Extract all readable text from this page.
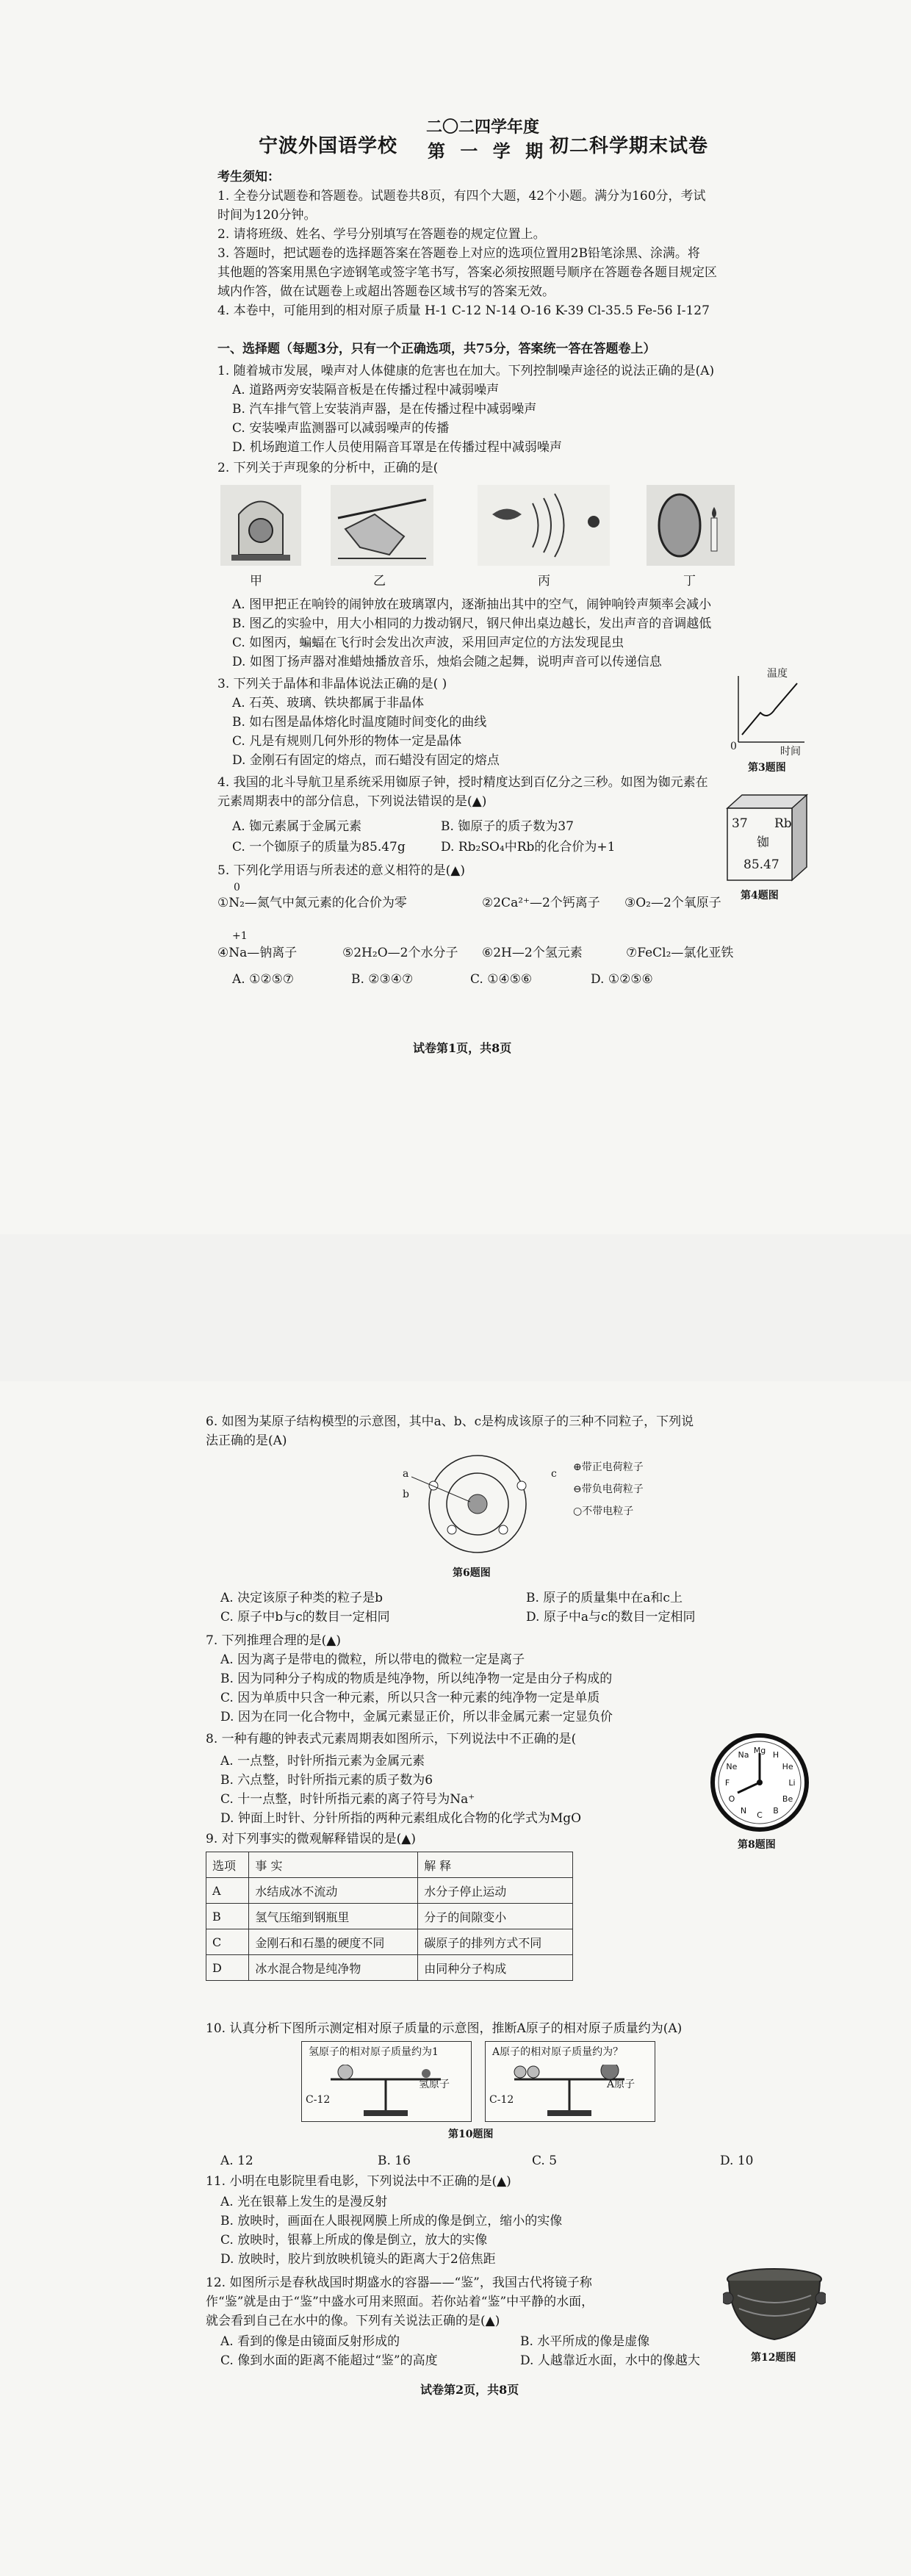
宁波外国语学校
二〇二四学年度
第 一 学 期 初二科学期末试卷
考生须知：
1. 全卷分试题卷和答题卷。试题卷共8页，有四个大题，42个小题。满分为160分，考试
时间为120分钟。
2. 请将班级、姓名、学号分别填写在答题卷的规定位置上。
3. 答题时，把试题卷的选择题答案在答题卷上对应的选项位置用2B铅笔涂黑、涂满。将
其他题的答案用黑色字迹钢笔或签字笔书写，答案必须按照题号顺序在答题卷各题目规定区
域内作答，做在试题卷上或超出答题卷区域书写的答案无效。
4. 本卷中，可能用到的相对原子质量 H-1 C-12 N-14 O-16 K-39 Cl-35.5 Fe-56 I-127
一、选择题（每题3分，只有一个正确选项，共75分，答案统一答在答题卷上）
1. 随着城市发展，噪声对人体健康的危害也在加大。下列控制噪声途径的说法正确的是(A)
A. 道路两旁安装隔音板是在传播过程中减弱噪声
B. 汽车排气管上安装消声器，是在传播过程中减弱噪声
C. 安装噪声监测器可以减弱噪声的传播
D. 机场跑道工作人员使用隔音耳罩是在传播过程中减弱噪声
2. 下列关于声现象的分析中，正确的是(
甲	乙	丙	丁
A. 图甲把正在响铃的闹钟放在玻璃罩内，逐渐抽出其中的空气，闹钟响铃声频率会减小
B. 图乙的实验中，用大小相同的力拨动钢尺，钢尺伸出桌边越长，发出声音的音调越低
C. 如图丙，蝙蝠在飞行时会发出次声波，采用回声定位的方法发现昆虫
D. 如图丁扬声器对准蜡烛播放音乐，烛焰会随之起舞，说明声音可以传递信息
3. 下列关于晶体和非晶体说法正确的是( )
A. 石英、玻璃、铁块都属于非晶体
B. 如右图是晶体熔化时温度随时间变化的曲线
C. 凡是有规则几何外形的物体一定是晶体
D. 金刚石有固定的熔点，而石蜡没有固定的熔点
温度
时间
0
第3题图
4. 我国的北斗导航卫星系统采用铷原子钟，授时精度达到百亿分之三秒。如图为铷元素在
元素周期表中的部分信息，下列说法错误的是(▲)
A. 铷元素属于金属元素	B. 铷原子的质子数为37
C. 一个铷原子的质量为85.47g	D. Rb₂SO₄中Rb的化合价为+1
37 Rb
铷
85.47
第4题图
5. 下列化学用语与所表述的意义相符的是(▲)
0
①N₂—氮气中氮元素的化合价为零	②2Ca²⁺—2个钙离子 ③O₂—2个氧原子
+1
④Na—钠离子	⑤2H₂O—2个水分子 ⑥2H—2个氢元素	⑦FeCl₂—氯化亚铁
A. ①②⑤⑦	B. ②③④⑦	C. ①④⑤⑥	D. ①②⑤⑥
试卷第1页，共8页
6. 如图为某原子结构模型的示意图，其中a、b、c是构成该原子的三种不同粒子，下列说
法正确的是(A)
a
b
c
⊕带正电荷粒子
⊖带负电荷粒子
○不带电粒子
第6题图
A. 决定该原子种类的粒子是b	B. 原子的质量集中在a和c上
C. 原子中b与c的数目一定相同	D. 原子中a与c的数目一定相同
7. 下列推理合理的是(▲)
A. 因为离子是带电的微粒，所以带电的微粒一定是离子
B. 因为同种分子构成的物质是纯净物，所以纯净物一定是由分子构成的
C. 因为单质中只含一种元素，所以只含一种元素的纯净物一定是单质
D. 因为在同一化合物中，金属元素显正价，所以非金属元素一定显负价
8. 一种有趣的钟表式元素周期表如图所示，下列说法中不正确的是(
A. 一点整，时针所指元素为金属元素
B. 六点整，时针所指元素的质子数为6
C. 十一点整，时针所指元素的离子符号为Na⁺
D. 钟面上时针、分针所指的两种元素组成化合物的化学式为MgO
H
He
Li
Be
B
C
N
O
F
Ne
Na Mg
第8题图
9. 对下列事实的微观解释错误的是(▲)
选项	事 实	解 释
A	水结成冰不流动	水分子停止运动
B	氢气压缩到钢瓶里	分子的间隙变小
C	金刚石和石墨的硬度不同	碳原子的排列方式不同
D	冰水混合物是纯净物	由同种分子构成
10. 认真分析下图所示测定相对原子质量的示意图，推断A原子的相对原子质量约为(A)
氢原子的相对原子质量约为1	A原子的相对原子质量约为？
C-12
氢原子
C-12
A原子
第10题图
A. 12	B. 16	C. 5	D. 10
11. 小明在电影院里看电影，下列说法中不正确的是(▲)
A. 光在银幕上发生的是漫反射
B. 放映时，画面在人眼视网膜上所成的像是倒立，缩小的实像
C. 放映时，银幕上所成的像是倒立，放大的实像
D. 放映时，胶片到放映机镜头的距离大于2倍焦距
12. 如图所示是春秋战国时期盛水的容器——“鉴”，我国古代将镜子称
作“鉴”就是由于“鉴”中盛水可用来照面。若你站着“鉴”中平静的水面，
就会看到自己在水中的像。下列有关说法正确的是(▲)
A. 看到的像是由镜面反射形成的	B. 水平所成的像是虚像
C. 像到水面的距离不能超过“鉴”的高度	D. 人越靠近水面，水中的像越大	第12题图
试卷第2页，共8页
